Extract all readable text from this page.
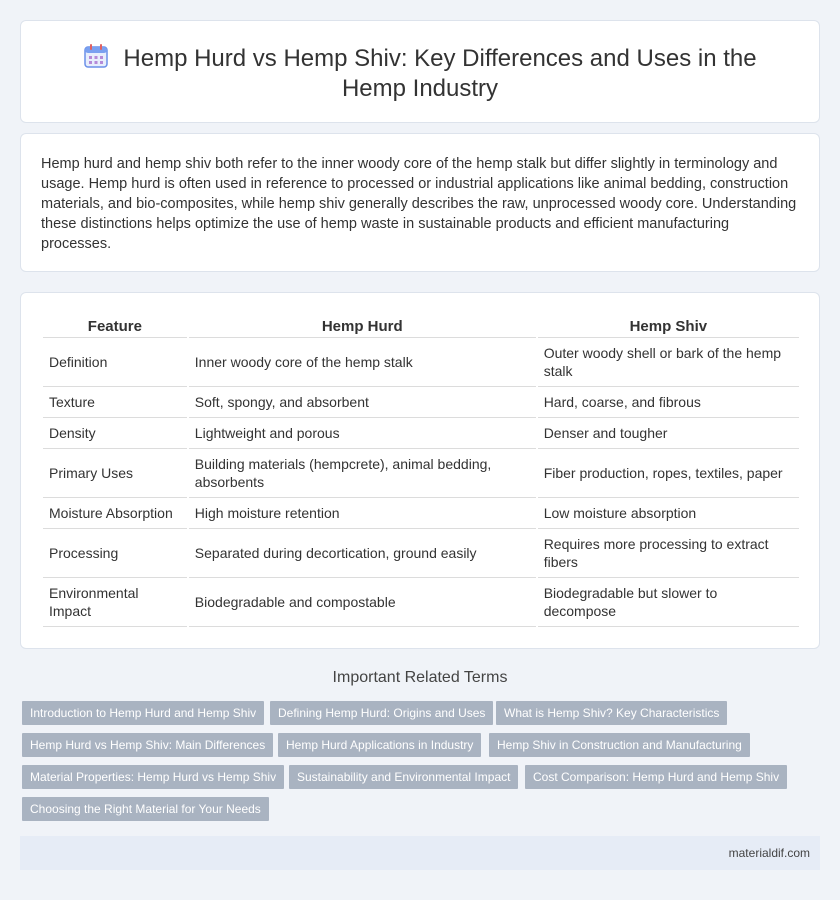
Hemp Hurd vs Hemp Shiv: Key Differences and Uses in the Hemp Industry

Hemp hurd and hemp shiv both refer to the inner woody core of the hemp stalk but differ slightly in terminology and usage. Hemp hurd is often used in reference to processed or industrial applications like animal bedding, construction materials, and bio-composites, while hemp shiv generally describes the raw, unprocessed woody core. Understanding these distinctions helps optimize the use of hemp waste in sustainable products and efficient manufacturing processes.

Feature	Hemp Hurd	Hemp Shiv
Definition	Inner woody core of the hemp stalk	Outer woody shell or bark of the hemp stalk
Texture	Soft, spongy, and absorbent	Hard, coarse, and fibrous
Density	Lightweight and porous	Denser and tougher
Primary Uses	Building materials (hempcrete), animal bedding, absorbents	Fiber production, ropes, textiles, paper
Moisture Absorption	High moisture retention	Low moisture absorption
Processing	Separated during decortication, ground easily	Requires more processing to extract fibers
Environmental Impact	Biodegradable and compostable	Biodegradable but slower to decompose
Important Related Terms
Introduction to Hemp Hurd and Hemp Shiv	Defining Hemp Hurd: Origins and Uses	What is Hemp Shiv? Key Characteristics
Hemp Hurd vs Hemp Shiv: Main Differences	Hemp Hurd Applications in Industry	Hemp Shiv in Construction and Manufacturing
Material Properties: Hemp Hurd vs Hemp Shiv	Sustainability and Environmental Impact	Cost Comparison: Hemp Hurd and Hemp Shiv
Choosing the Right Material for Your Needs
materialdif.com
